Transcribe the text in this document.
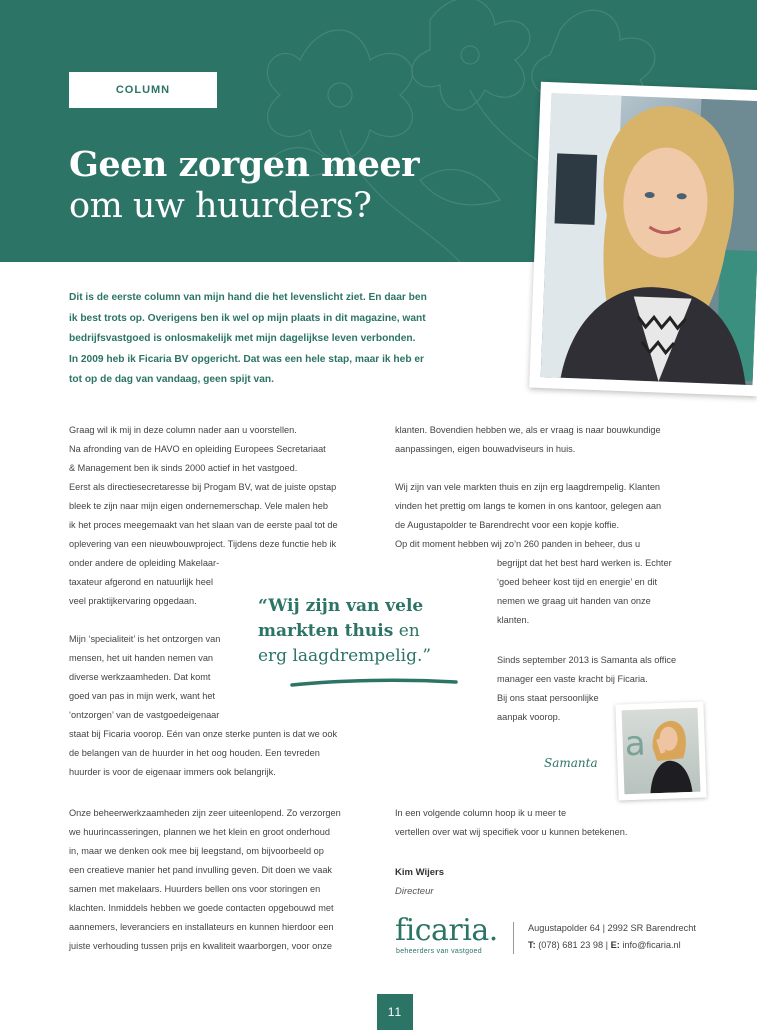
COLUMN
Geen zorgen meer
om uw huurders?
Dit is de eerste column van mijn hand die het levenslicht ziet. En daar ben
ik best trots op. Overigens ben ik wel op mijn plaats in dit magazine, want
bedrijfsvastgoed is onlosmakelijk met mijn dagelijkse leven verbonden.
In 2009 heb ik Ficaria BV opgericht. Dat was een hele stap, maar ik heb er
tot op de dag van vandaag, geen spijt van.
Graag wil ik mij in deze column nader aan u voorstellen.
Na afronding van de HAVO en opleiding Europees Secretariaat
& Management ben ik sinds 2000 actief in het vastgoed.
Eerst als directiesecretaresse bij Progam BV, wat de juiste opstap
bleek te zijn naar mijn eigen ondernemerschap. Vele malen heb
ik het proces meegemaakt van het slaan van de eerste paal tot de
oplevering van een nieuwbouwproject. Tijdens deze functie heb ik
onder andere de opleiding Makelaar-
taxateur afgerond en natuurlijk heel
veel praktijkervaring opgedaan.
Mijn ‘specialiteit’ is het ontzorgen van
mensen, het uit handen nemen van
diverse werkzaamheden. Dat komt
goed van pas in mijn werk, want het
‘ontzorgen’ van de vastgoedeigenaar
staat bij Ficaria voorop. Eén van onze sterke punten is dat we ook
de belangen van de huurder in het oog houden. Een tevreden
huurder is voor de eigenaar immers ook belangrijk.
Onze beheerwerkzaamheden zijn zeer uiteenlopend. Zo verzorgen
we huurincasseringen, plannen we het klein en groot onderhoud
in, maar we denken ook mee bij leegstand, om bijvoorbeeld op
een creatieve manier het pand invulling geven. Dit doen we vaak
samen met makelaars. Huurders bellen ons voor storingen en
klachten. Inmiddels hebben we goede contacten opgebouwd met
aannemers, leveranciers en installateurs en kunnen hierdoor een
juiste verhouding tussen prijs en kwaliteit waarborgen, voor onze
klanten. Bovendien hebben we, als er vraag is naar bouwkundige
aanpassingen, eigen bouwadviseurs in huis.
Wij zijn van vele markten thuis en zijn erg laagdrempelig. Klanten
vinden het prettig om langs te komen in ons kantoor, gelegen aan
de Augustapolder te Barendrecht voor een kopje koffie.
Op dit moment hebben wij zo’n 260 panden in beheer, dus u
begrijpt dat het best hard werken is. Echter
‘goed beheer kost tijd en energie’ en dit
nemen we graag uit handen van onze
klanten.
Sinds september 2013 is Samanta als office
manager een vaste kracht bij Ficaria.
Bij ons staat persoonlijke
aanpak voorop.
In een volgende column hoop ik u meer te
vertellen over wat wij specifiek voor u kunnen betekenen.
“Wij zijn van vele
markten thuis en
erg laagdrempelig.”
a
Samanta
Kim Wijers
Directeur
ficaria.
beheerders van vastgoed
Augustapolder 64 | 2992 SR Barendrecht
T: (078) 681 23 98 | E: info@ficaria.nl
11
